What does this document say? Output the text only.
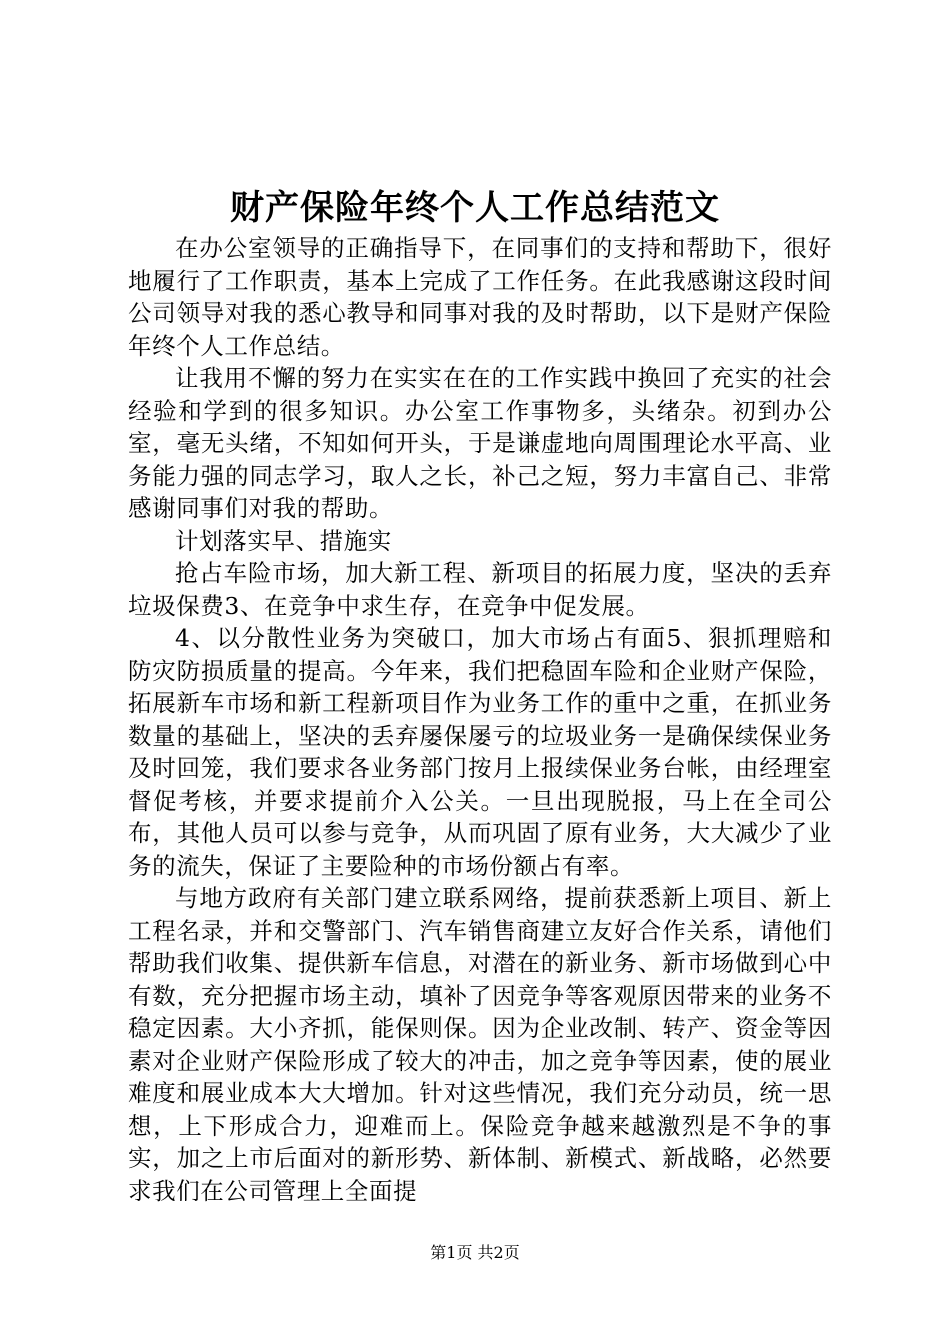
财产保险年终个人工作总结范文

在办公室领导的正确指导下，在同事们的支持和帮助下，很好地履行了工作职责，基本上完成了工作任务。在此我感谢这段时间公司领导对我的悉心教导和同事对我的及时帮助，以下是财产保险年终个人工作总结。

让我用不懈的努力在实实在在的工作实践中换回了充实的社会经验和学到的很多知识。办公室工作事物多，头绪杂。初到办公室，毫无头绪，不知如何开头，于是谦虚地向周围理论水平高、业务能力强的同志学习，取人之长，补己之短，努力丰富自己、非常感谢同事们对我的帮助。

计划落实早、措施实

抢占车险市场，加大新工程、新项目的拓展力度，坚决的丢弃垃圾保费3、在竞争中求生存，在竞争中促发展。

4、以分散性业务为突破口，加大市场占有面5、狠抓理赔和防灾防损质量的提高。今年来，我们把稳固车险和企业财产保险，拓展新车市场和新工程新项目作为业务工作的重中之重，在抓业务数量的基础上，坚决的丢弃屡保屡亏的垃圾业务一是确保续保业务及时回笼，我们要求各业务部门按月上报续保业务台帐，由经理室督促考核，并要求提前介入公关。一旦出现脱报，马上在全司公布，其他人员可以参与竞争，从而巩固了原有业务，大大减少了业务的流失，保证了主要险种的市场份额占有率。

与地方政府有关部门建立联系网络，提前获悉新上项目、新上工程名录，并和交警部门、汽车销售商建立友好合作关系，请他们帮助我们收集、提供新车信息，对潜在的新业务、新市场做到心中有数，充分把握市场主动，填补了因竞争等客观原因带来的业务不稳定因素。大小齐抓，能保则保。因为企业改制、转产、资金等因素对企业财产保险形成了较大的冲击，加之竞争等因素，使的展业难度和展业成本大大增加。针对这些情况，我们充分动员，统一思想，上下形成合力，迎难而上。保险竞争越来越激烈是不争的事实，加之上市后面对的新形势、新体制、新模式、新战略，必然要求我们在公司管理上全面提

第1页 共2页
